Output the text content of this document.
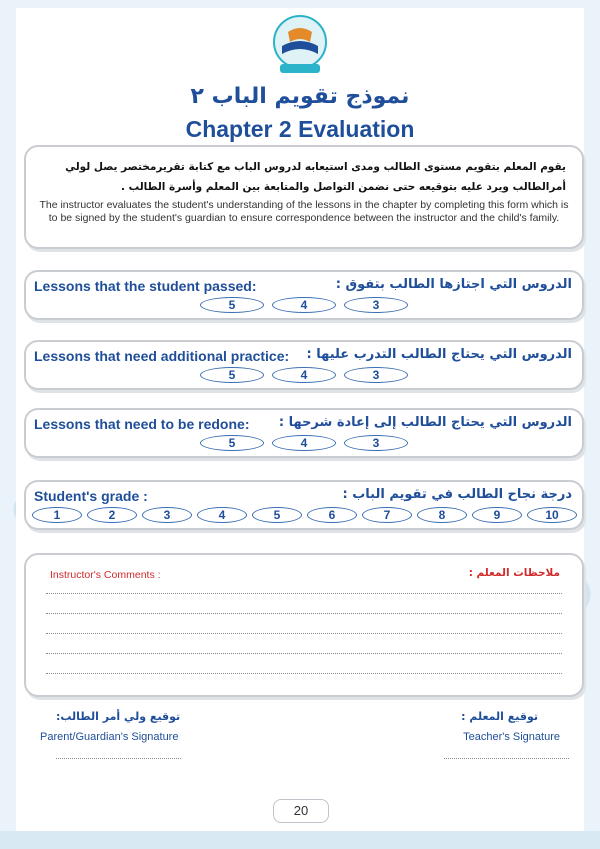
نموذج تقويم الباب ٢
Chapter 2 Evaluation
يقوم المعلم بتقويم مستوى الطالب ومدى استيعابه لدروس الباب مع كتابة تقريرمختصر يصل لولي أمرالطالب ويرد عليه بتوقيعه حتى نضمن التواصل والمتابعة بين المعلم وأسرة الطالب .
The instructor evaluates the student's understanding of the lessons in the chapter by completing this form which is to be signed by the student's guardian to ensure correspondence between the instructor and the child's family.
Lessons that the student passed:	الدروس التي اجتازها الطالب بتفوق :
5	4	3
Lessons that need additional practice: الدروس التي يحتاج الطالب التدرب عليها :
5	4	3
Lessons that need to be redone: الدروس التي يحتاج الطالب إلى إعادة شرحها :
5	4	3
Student's grade :	درجة نجاح الطالب في تقويم الباب :
1	2	3	4	5	6	7	8	9	10
Instructor's Comments :	ملاحظات المعلم :
توقيع ولي أمر الطالب:
Parent/Guardian's Signature
توقيع المعلم :
Teacher's Signature
20
